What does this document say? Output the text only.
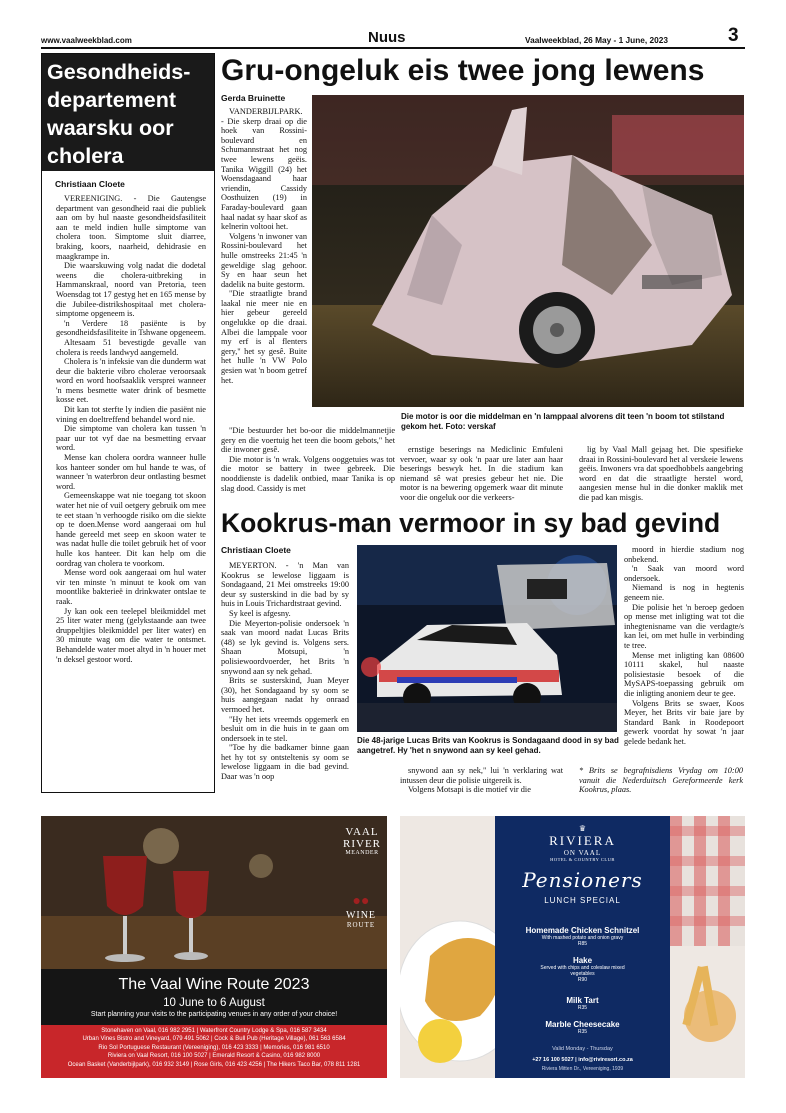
www.vaalweekblad.com	Nuus	Vaalweekblad, 26 May - 1 June, 2023	3
Gesondheids-departement waarsku oor cholera
Christiaan Cloete

VEREENIGING. - Die Gautengse department van gesondheid raai die publiek aan om by hul naaste gesondheidsfasiliteit aan te meld indien hulle simptome van cholera toon. Simptome sluit diarree, braking, koors, naarheid, dehidrasie en maagkrampe in.

Die waarskuwing volg nadat die dodetal weens die cholera-uitbreking in Hammanskraal, noord van Pretoria, teen Woensdag tot 17 gestyg het en 165 mense by die Jubilee-distrikshospitaal met cholera-simptome opgeneem is.

'n Verdere 18 pasiënte is by gesondheidsfasiliteite in Tshwane opgeneem.

Altesaam 51 bevestigde gevalle van cholera is reeds landwyd aangemeld.

Cholera is 'n infeksie van die dunderm wat deur die bakterie vibro cholerae veroorsaak word en word hoofsaaklik versprei wanneer 'n mens besmette water drink of besmette kosse eet.

Dit kan tot sterfte ly indien die pasiënt nie vining en doeltreffend behandel word nie.

Die simptome van cholera kan tussen 'n paar uur tot vyf dae na besmetting ervaar word.

Mense kan cholera oordra wanneer hulle kos hanteer sonder om hul hande te was, of wanneer 'n waterbron deur ontlasting besmet word.

Gemeenskappe wat nie toegang tot skoon water het nie of vuil oetgery gebruik om mee te eet staan 'n verhoogde risiko om die siekte op te doen.Mense word aangeraai om hul hande gereeld met seep en skoon water te was nadat hulle die toilet gebruik het of voor hulle kos hanteer. Dit kan help om die oordrag van cholera te voorkom.

Mense word ook aangeraai om hul water vir ten minste 'n minuut te kook om van moontlike bakterieë in drinkwater ontslae te raak.

Jy kan ook een teelepel bleikmiddel met 25 liter water meng (gelykstaande aan twee druppeltjies bleikmiddel per liter water) en 30 minute wag om die water te ontsmet. Behandelde water moet altyd in 'n houer met 'n deksel gestoor word.

Gru-ongeluk eis twee jong lewens
Gerda Bruinette
Die motor is oor die middelman en 'n lamppaal alvorens dit teen 'n boom tot stilstand gekom het. Foto: verskaf

VANDERBIJLPARK. - Die skerp draai op die hoek van Rossini-boulevard en Schumannstraat het nog twee lewens geëis. Tanika Wiggill (24) het Woensdagaand haar vriendin, Cassidy Oosthuizen (19) in Faraday-boulevard gaan haal nadat sy haar skof as kelnerin voltooi het.

Volgens 'n inwoner van Rossini-boulevard het hulle omstreeks 21:45 'n geweldige slag gehoor. Sy en haar seun het dadelik na buite gestorm.

"Die straatligte brand laakal nie meer nie en hier gebeur gereeld ongelukke op die draai. Albei die lamppale voor my erf is al flenters gery," het sy gesê. Buite het hulle 'n VW Polo gesien wat 'n boom getref het.

"Die bestuurder het bo-oor die middelmannetjie gery en die voertuig het teen die boom gebots," het die inwoner gesê.

Die motor is 'n wrak. Volgens ooggetuies was tot die motor se battery in twee gebreek. Die nooddienste is dadelik ontbied, maar Tanika is op slag dood. Cassidy is met

ernstige beserings na Mediclinic Emfuleni vervoer, waar sy ook 'n paar ure later aan haar beserings beswyk het. In die stadium kan niemand sê wat presies gebeur het nie. Die motor is na bewering opgemerk waar dit minute voor die ongeluk oor die verkeers-

lig by Vaal Mall gejaag het. Die spesifieke draai in Rossini-boulevard het al verskeie lewens geëis. Inwoners vra dat spoedhobbels aangebring word en dat die straatligte herstel word, aangesien mense hul in die donker maklik met die pad kan misgis.

Kookrus-man vermoor in sy bad gevind
Christiaan Cloete
Die 48-jarige Lucas Brits van Kookrus is Sondagaand dood in sy bad aangetref. Hy 'het n snywond aan sy keel gehad.

MEYERTON. - 'n Man van Kookrus se lewelose liggaam is Sondagaand, 21 Mei omstreeks 19:00 deur sy susterskind in die bad by sy huis in Louis Trichardtstraat gevind.

Sy keel is afgesny.

Die Meyerton-polisie ondersoek 'n saak van moord nadat Lucas Brits (48) se lyk gevind is. Volgens sers. Shaan Motsupi, 'n polisiewoordvoerder, het Brits 'n snywond aan sy nek gehad.

Brits se susterskind, Juan Meyer (30), het Sondagaand by sy oom se huis aangegaan nadat hy onraad vermoed het.

"Hy het iets vreemds opgemerk en besluit om in die huis in te gaan om ondersoek in te stel.

"Toe hy die badkamer binne gaan het hy tot sy ontsteltenis sy oom se lewelose liggaam in die bad gevind. Daar was 'n oop

snywond aan sy nek," lui 'n verklaring wat intussen deur die polisie uitgereik is.

Volgens Motsapi is die motief vir die

moord in hierdie stadium nog onbekend.

'n Saak van moord word ondersoek.

Niemand is nog in hegtenis geneem nie.

Die polisie het 'n beroep gedoen op mense met inligting wat tot die inhegtenisname van die verdagte/s kan lei, om met hulle in verbinding te tree.

Mense met inligting kan 08600 10111 skakel, hul naaste polisiestasie besoek of die MySAPS-toepassing gebruik om die inligting anoniem deur te gee.

Volgens Brits se swaer, Koos Meyer, het Brits vir baie jare by Standard Bank in Roodepoort gewerk voordat hy sowat 'n jaar gelede bedank het.

* Brits se begrafnisdiens Vrydag om 10:00 vanuit die Nederduitsch Gereformeerde kerk Kookrus, plaas.
VAAL
RIVER
MEANDER
●●
WINE
ROUTE
The Vaal Wine Route 2023
10 June to 6 August
Start planning your visits to the participating venues in any order of your choice!
Stonehaven on Vaal, 016 982 2951 | Waterfront Country Lodge & Spa, 016 587 3434
Urban Vines Bistro and Vineyard, 079 491 5062 | Cock & Bull Pub (Heritage Village), 061 563 6584
Rio Sol Portuguese Restaurant (Vereeniging), 016 423 3333 | Memories, 016 981 6510
Riviera on Vaal Resort, 016 100 5027 | Emerald Resort & Casino, 016 982 8000
Ocean Basket (Vanderbijlpark), 016 932 3149 | Rose Girls, 016 423 4256 | The Hikers Taco Bar, 078 811 1281
♛
RIVIERA
ON VAAL
HOTEL & COUNTRY CLUB
Pensioners
LUNCH SPECIAL
Homemade Chicken Schnitzel
With mashed potato and onion gravy
R85
Hake
Served with chips and coleslaw mixed vegetables
R90
Milk Tart
R35
Marble Cheesecake
R35
Valid Monday - Thursday
+27 16 100 5027 | info@riviresort.co.za
Riviera Mitten Dr., Vereeniging, 1939
